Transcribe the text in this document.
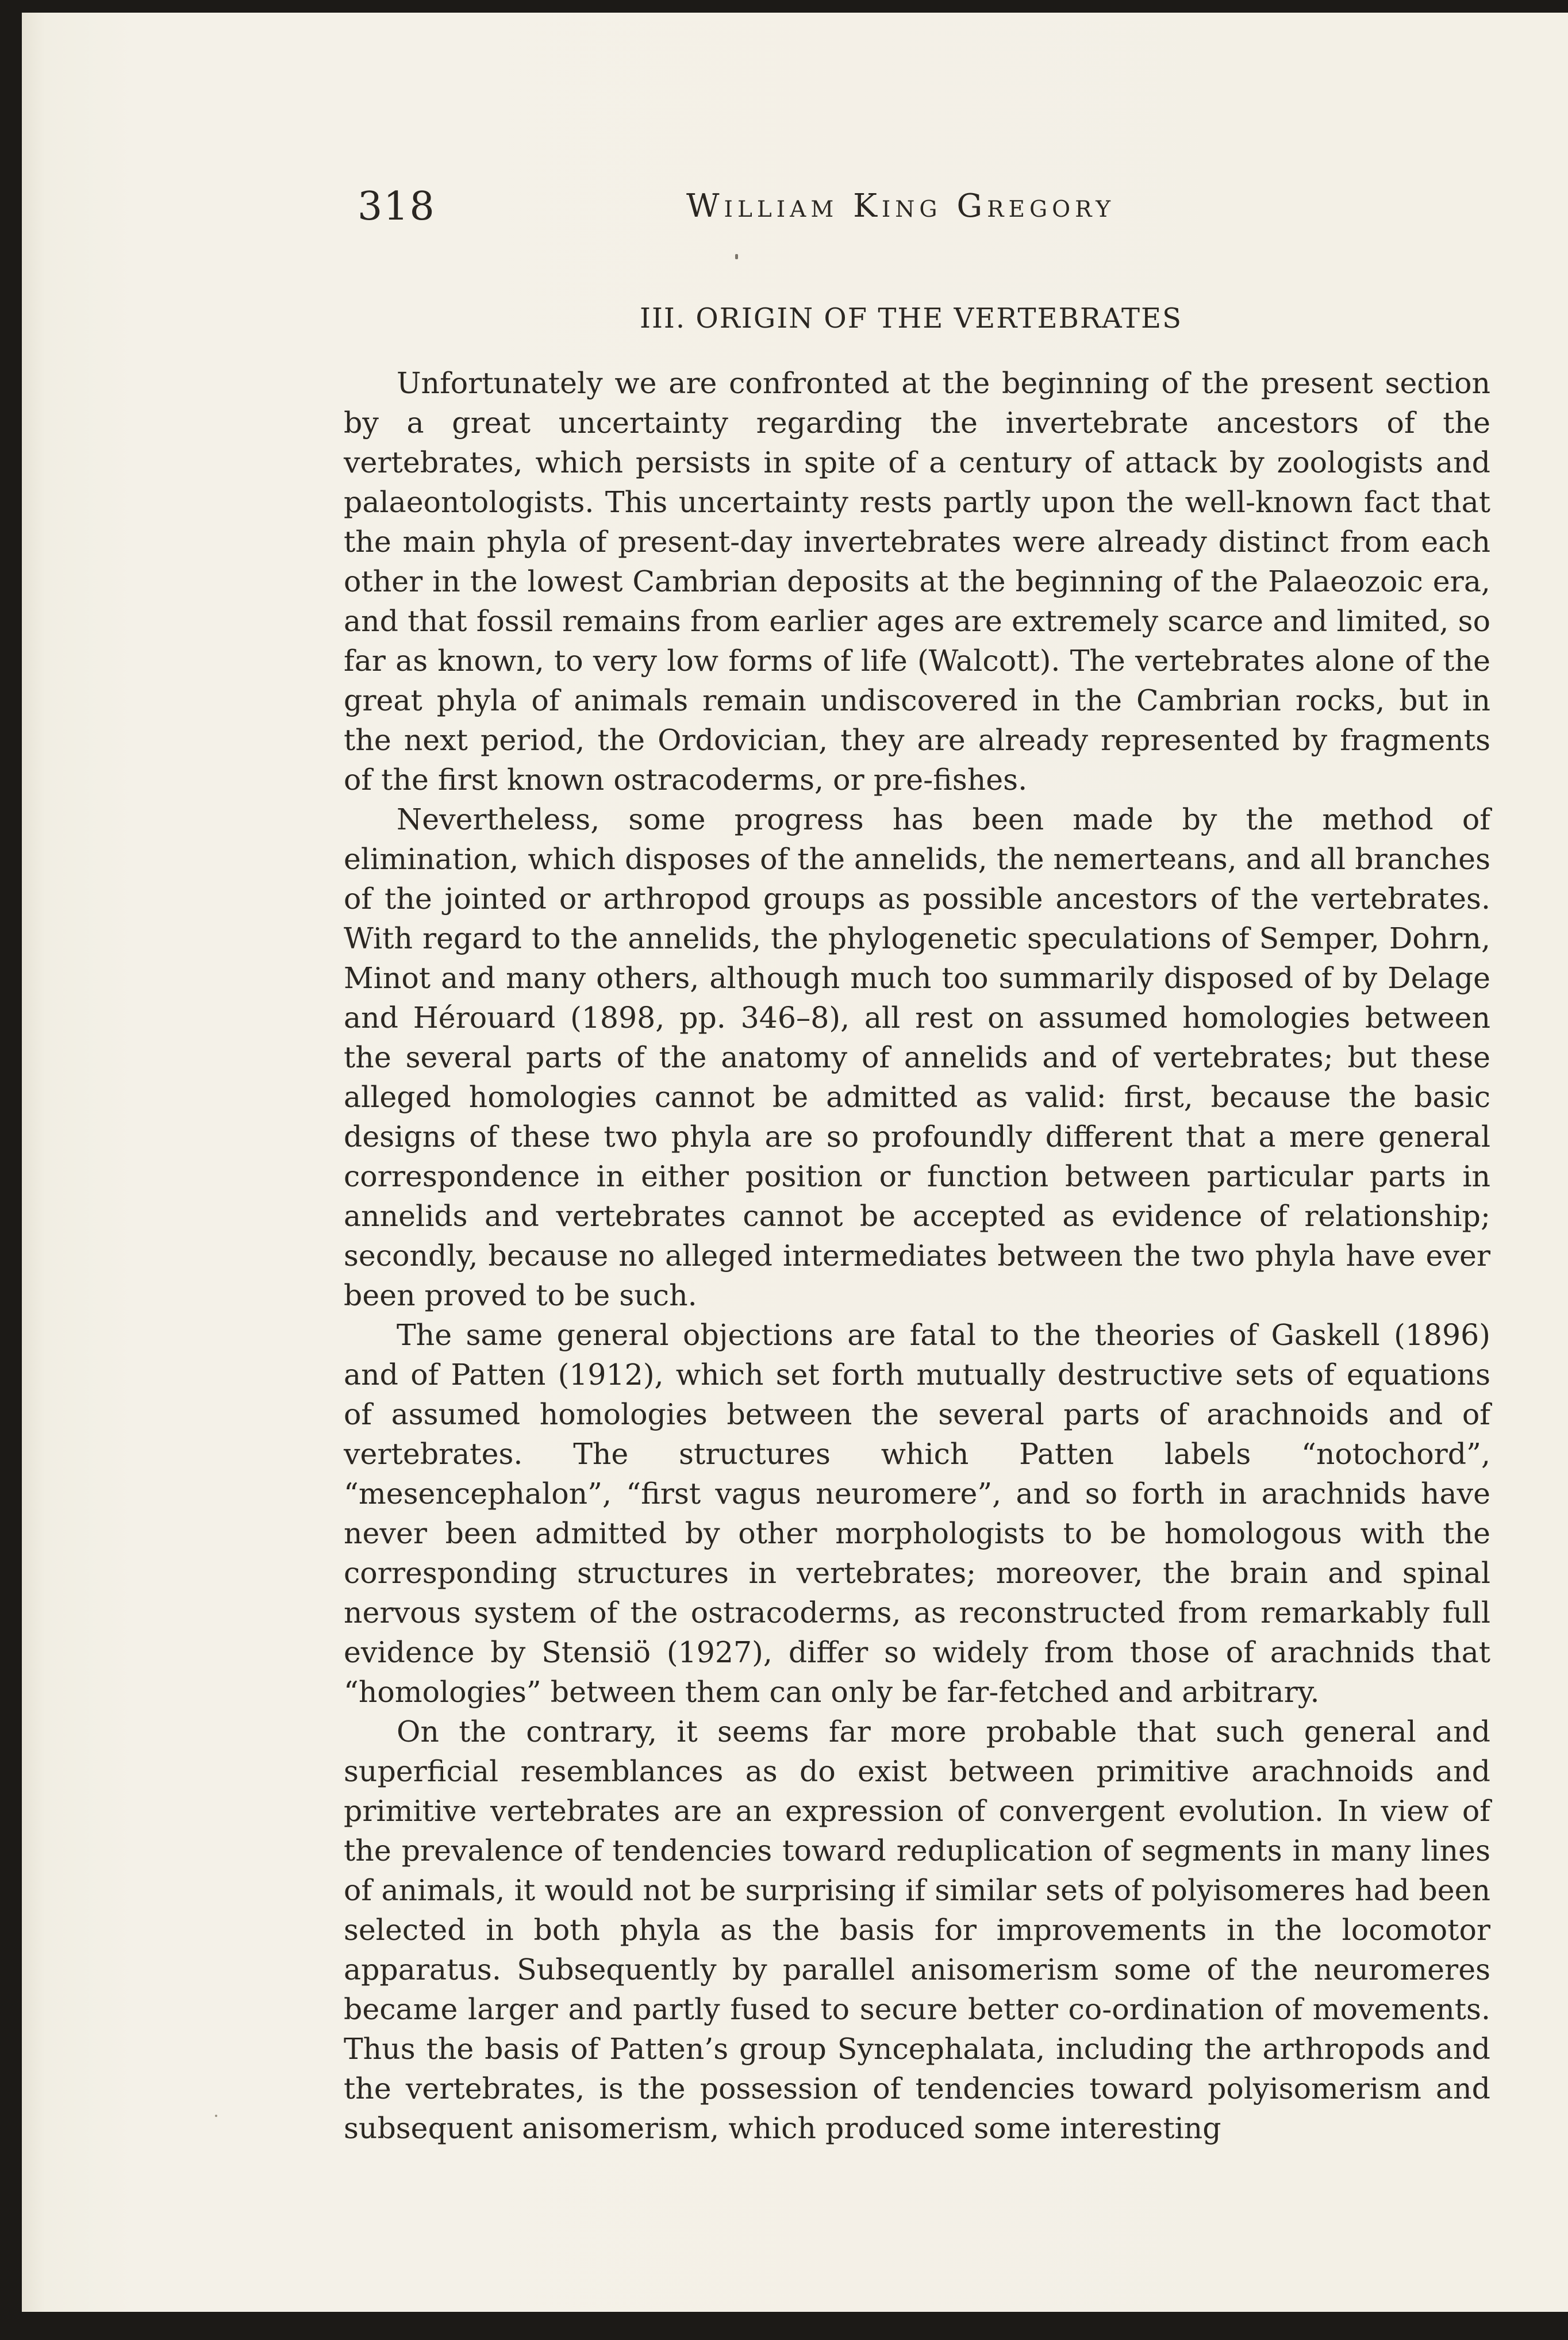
318	William King Gregory
III. ORIGIN OF THE VERTEBRATES

Unfortunately we are confronted at the beginning of the present section by a great uncertainty regarding the invertebrate ancestors of the vertebrates, which persists in spite of a century of attack by zoologists and palaeontologists. This uncertainty rests partly upon the well-known fact that the main phyla of present-day invertebrates were already distinct from each other in the lowest Cambrian deposits at the beginning of the Palaeozoic era, and that fossil remains from earlier ages are extremely scarce and limited, so far as known, to very low forms of life (Walcott). The vertebrates alone of the great phyla of animals remain undiscovered in the Cambrian rocks, but in the next period, the Ordovician, they are already represented by fragments of the first known ostracoderms, or pre-fishes.

Nevertheless, some progress has been made by the method of elimination, which disposes of the annelids, the nemerteans, and all branches of the jointed or arthropod groups as possible ancestors of the vertebrates. With regard to the annelids, the phylogenetic speculations of Semper, Dohrn, Minot and many others, although much too summarily disposed of by Delage and Hérouard (1898, pp. 346–8), all rest on assumed homologies between the several parts of the anatomy of annelids and of vertebrates; but these alleged homologies cannot be admitted as valid: first, because the basic designs of these two phyla are so profoundly different that a mere general correspondence in either position or function between particular parts in annelids and vertebrates cannot be accepted as evidence of relationship; secondly, because no alleged intermediates between the two phyla have ever been proved to be such.

The same general objections are fatal to the theories of Gaskell (1896) and of Patten (1912), which set forth mutually destructive sets of equations of assumed homologies between the several parts of arachnoids and of vertebrates. The structures which Patten labels “notochord”, “mesencephalon”, “first vagus neuromere”, and so forth in arachnids have never been admitted by other morphologists to be homologous with the corresponding structures in vertebrates; moreover, the brain and spinal nervous system of the ostracoderms, as reconstructed from remarkably full evidence by Stensiö (1927), differ so widely from those of arachnids that “homologies” between them can only be far-fetched and arbitrary.

On the contrary, it seems far more probable that such general and superficial resemblances as do exist between primitive arachnoids and primitive vertebrates are an expression of convergent evolution. In view of the prevalence of tendencies toward reduplication of segments in many lines of animals, it would not be surprising if similar sets of polyisomeres had been selected in both phyla as the basis for improvements in the locomotor apparatus. Subsequently by parallel anisomerism some of the neuromeres became larger and partly fused to secure better co-ordination of movements. Thus the basis of Patten’s group Syncephalata, including the arthropods and the vertebrates, is the possession of tendencies toward polyisomerism and subsequent anisomerism, which produced some interesting
